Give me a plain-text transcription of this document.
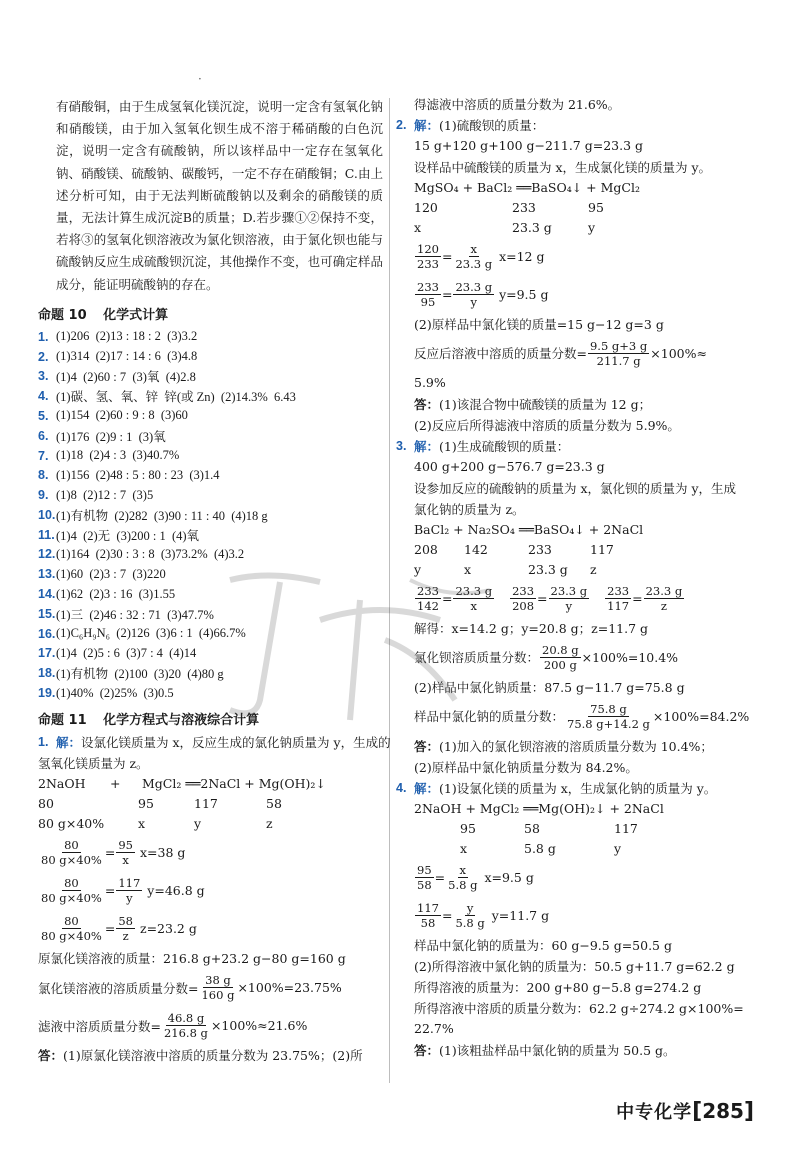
·

有硝酸铜，由于生成氢氧化镁沉淀，说明一定含有氢氧化钠和硝酸镁，由于加入氢氧化钡生成不溶于稀硝酸的白色沉淀，说明一定含有硫酸钠，所以该样品中一定存在氢氧化钠、硝酸镁、硫酸钠、碳酸钙，一定不存在硝酸铜；C.由上述分析可知，由于无法判断硫酸钠以及剩余的硝酸镁的质量，无法计算生成沉淀B的质量；D.若步骤①②保持不变，若将③的氢氧化钡溶液改为氯化钡溶液，由于氯化钡也能与硫酸钠反应生成硫酸钡沉淀，其他操作不变，也可确定样品成分，能证明硫酸钠的存在。

命题 10 化学式计算
1. (1)206  (2)13 : 18 : 2  (3)3.2
2. (1)314  (2)17 : 14 : 6  (3)4.8
3. (1)4  (2)60 : 7  (3)氧  (4)2.8
4. (1)碳、氢、氧、锌  锌(或 Zn)  (2)14.3%  6.43
5. (1)154  (2)60 : 9 : 8  (3)60
6. (1)176  (2)9 : 1  (3)氧
7. (1)18  (2)4 : 3  (3)40.7%
8. (1)156  (2)48 : 5 : 80 : 23  (3)1.4
9. (1)8  (2)12 : 7  (3)5
10. (1)有机物  (2)282  (3)90 : 11 : 40  (4)18 g
11. (1)4  (2)无  (3)200 : 1  (4)氧
12. (1)164  (2)30 : 3 : 8  (3)73.2%  (4)3.2
13. (1)60  (2)3 : 7  (3)220
14. (1)62  (2)3 : 16  (3)1.55
15. (1)三  (2)46 : 32 : 71  (3)47.7%
16. (1)C₆H₉N₆  (2)126  (3)6 : 1  (4)66.7%
17. (1)4  (2)5 : 6  (3)7 : 4  (4)14
18. (1)有机物  (2)100  (3)20  (4)80 g
19. (1)40%  (2)25%  (3)0.5
命题 11 化学方程式与溶液综合计算
1. 解： 设氯化镁质量为 x，反应生成的氯化钠质量为 y，生成的
氢氧化镁质量为 z。
2NaOH	+	MgCl₂ ══2NaCl + Mg(OH)₂↓
80	95	117	58
80 g×40%	x	y	z
$\frac{80}{80 g\times 40\%} = \frac{95}{x} x=38$ g
$\frac{80}{80 g\times 40\%} = \frac{117}{y} y=46.8$ g
$\frac{80}{80 g\times 40\%} = \frac{58}{z} z=23.2$ g
原氯化镁溶液的质量：216.8 g+23.2 g−80 g=160 g
氯化镁溶液的溶质质量分数= $\frac{38 g}{160 g} \times 100\%=23.75\%$
滤液中溶质质量分数= $\frac{46.8 g}{216.8 g} \times 100\%\approx 21.6\%$
答： (1)原氯化镁溶液中溶质的质量分数为 23.75%；(2)所
得滤液中溶质的质量分数为 21.6%。
2. 解： (1)硫酸钡的质量：
15 g+120 g+100 g−211.7 g=23.3 g
设样品中硫酸镁的质量为 x，生成氯化镁的质量为 y。
MgSO₄ + BaCl₂ ══BaSO₄↓ + MgCl₂
120	233	95
x	23.3 g	y
$\frac{120}{233} = \frac{x}{23.3 g} x=12$ g
$\frac{233}{95} = \frac{23.3 g}{y} y=9.5$ g
(2)原样品中氯化镁的质量=15 g−12 g=3 g
反应后溶液中溶质的质量分数= $\frac{9.5 g+3 g}{211.7 g} \times 100\%\approx$
5.9%
答： (1)该混合物中硫酸镁的质量为 12 g；
(2)反应后所得滤液中溶质的质量分数为 5.9%。
3. 解： (1)生成硫酸钡的质量：
400 g+200 g−576.7 g=23.3 g
设参加反应的硫酸钠的质量为 x，氯化钡的质量为 y，生成
氯化钠的质量为 z。
BaCl₂ + Na₂SO₄ ══BaSO₄↓ + 2NaCl
208	142	233	117
y	x	23.3 g	z
$\frac{233}{142} = \frac{23.3 g}{x} \frac{233}{208} = \frac{23.3 g}{y} \frac{233}{117} = \frac{23.3 g}{z}$
解得：x=14.2 g；y=20.8 g；z=11.7 g
氯化钡溶质质量分数： $\frac{20.8 g}{200 g} \times 100\%=10.4\%$
(2)样品中氯化钠质量：87.5 g−11.7 g=75.8 g
样品中氯化钠的质量分数： $\frac{75.8 g}{75.8 g+14.2 g} \times 100\%=84.2\%$
答： (1)加入的氯化钡溶液的溶质质量分数为 10.4%；
(2)原样品中氯化钠质量分数为 84.2%。
4. 解： (1)设氯化镁的质量为 x，生成氯化钠的质量为 y。
2NaOH + MgCl₂ ══Mg(OH)₂↓ + 2NaCl
95	58	117
x	5.8 g	y
$\frac{95}{58} = \frac{x}{5.8 g} x=9.5$ g
$\frac{117}{58} = \frac{y}{5.8 g} y=11.7$ g
样品中氯化钠的质量为：60 g−9.5 g=50.5 g
(2)所得溶液中氯化钠的质量为：50.5 g+11.7 g=62.2 g
所得溶液的质量为：200 g+80 g−5.8 g=274.2 g
所得溶液中溶质的质量分数为：62.2 g÷274.2 g×100%=
22.7%
答： (1)该粗盐样品中氯化钠的质量为 50.5 g。
中专化学 [ 285 ]
